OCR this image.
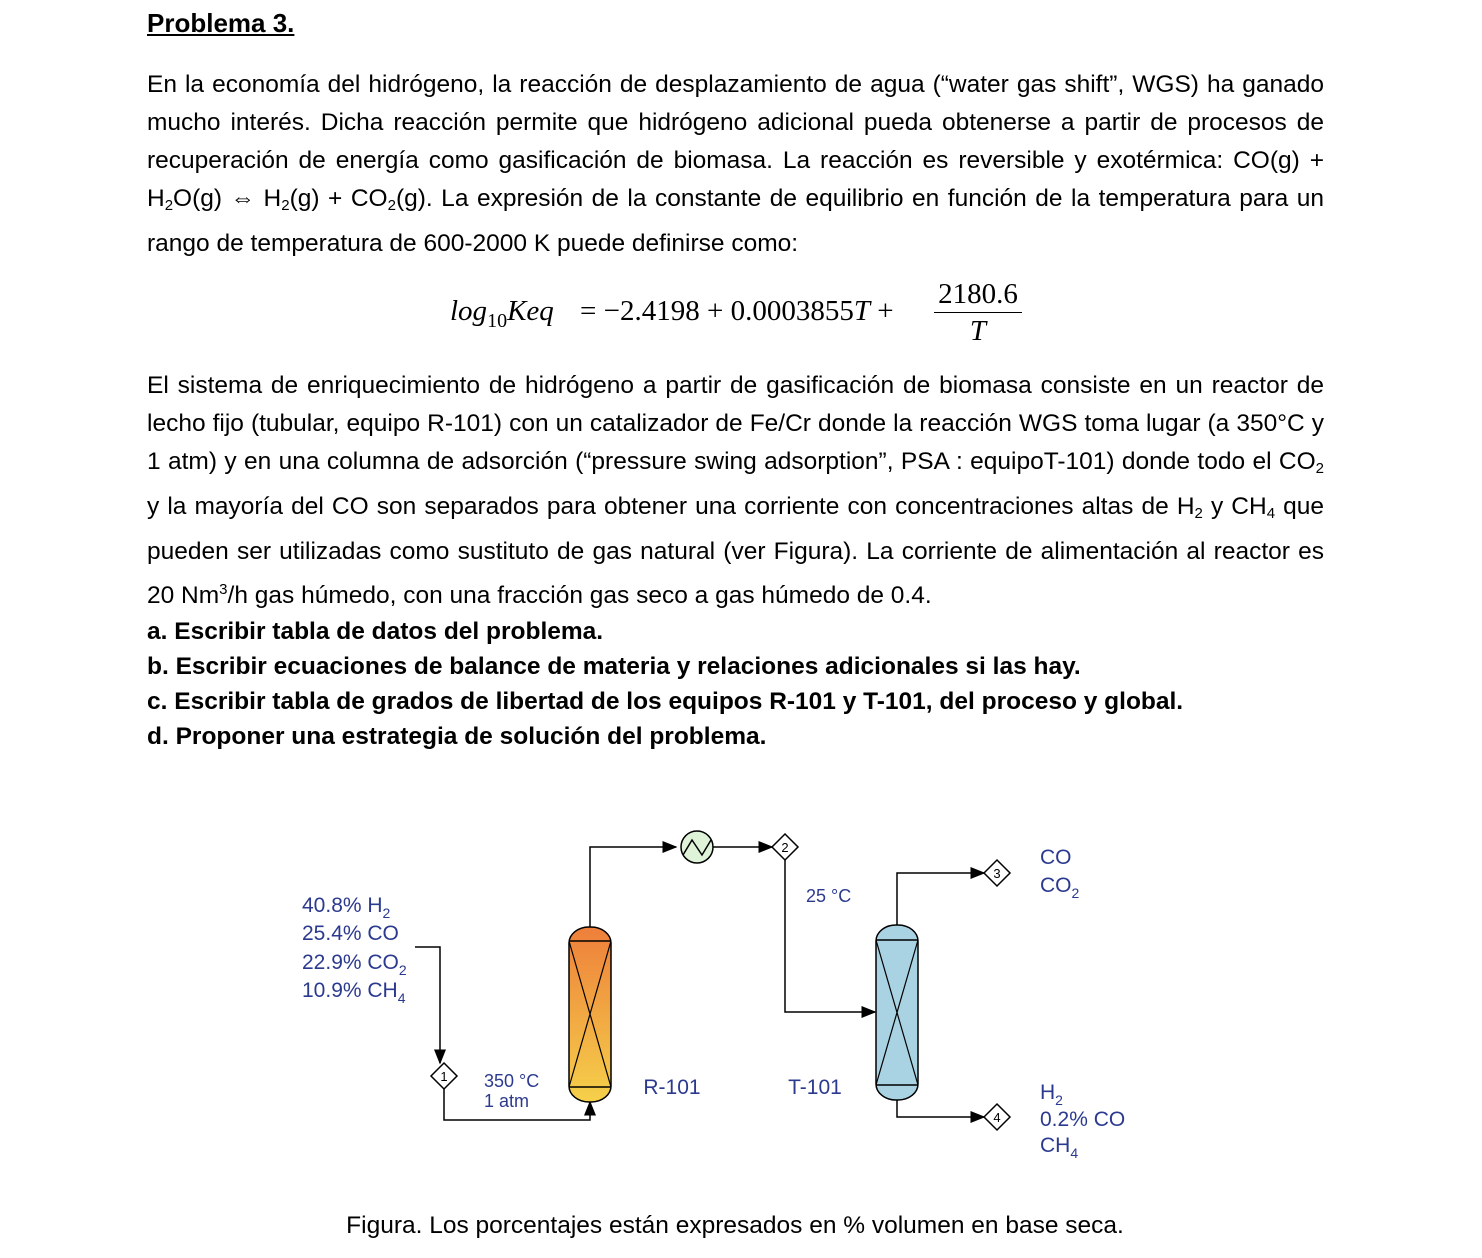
Problema 3.

En la economía del hidrógeno, la reacción de desplazamiento de agua (“water gas shift”, WGS) ha ganado mucho interés. Dicha reacción permite que hidrógeno adicional pueda obtenerse a partir de procesos de recuperación de energía como gasificación de biomasa. La reacción es reversible y exotérmica: $CO(g) + H_2O(g)$ ⇔ $H_2(g) + CO_2(g)$. La expresión de la constante de equilibrio en función de la temperatura para un rango de temperatura de 600-2000 K puede definirse como:

$\log_{10}Keq = -2.4198 + 0.0003855T + \frac{2180.6}{T}$

El sistema de enriquecimiento de hidrógeno a partir de gasificación de biomasa consiste en un reactor de lecho fijo (tubular, equipo R-101) con un catalizador de Fe/Cr donde la reacción WGS toma lugar (a 350°C y 1 atm) y en una columna de adsorción (“pressure swing adsorption”, PSA : equipoT-101) donde todo el $CO_2$ y la mayoría del CO son separados para obtener una corriente con concentraciones altas de $H_2$ y $CH_4$ que pueden ser utilizadas como sustituto de gas natural (ver Figura). La corriente de alimentación al reactor es 20 Nm$^3$/h gas húmedo, con una fracción gas seco a gas húmedo de 0.4.

a. Escribir tabla de datos del problema.

b. Escribir ecuaciones de balance de materia y relaciones adicionales si las hay.

c. Escribir tabla de grados de libertad de los equipos R-101 y T-101, del proceso y global.

d. Proponer una estrategia de solución del problema.

1
40.8% $H_2$
25.4% CO
22.9% $CO_2$
10.9% $CH_4$
350 °C
1 atm
R-101
2
25 °C
T-101
3
CO
$CO_2$
4
$H_2$
0.2% CO
$CH_4$
Figura. Los porcentajes están expresados en % volumen en base seca.
